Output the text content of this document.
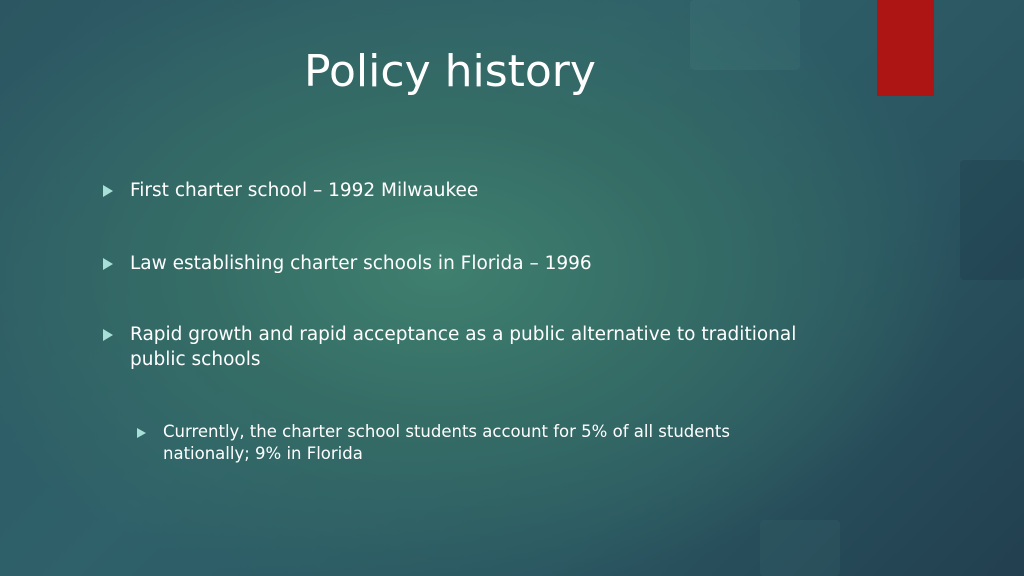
Policy history
First charter school – 1992 Milwaukee
Law establishing charter schools in Florida – 1996
Rapid growth and rapid acceptance as a public alternative to traditional public schools
Currently, the charter school students account for 5% of all students nationally; 9% in Florida
